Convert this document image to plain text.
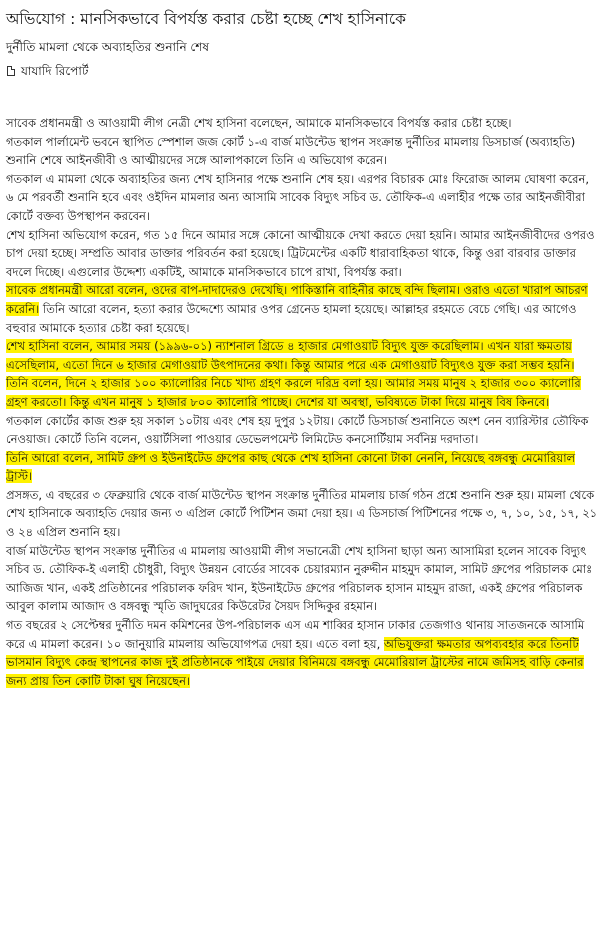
অভিযোগ : মানসিকভাবে বিপর্যস্ত করার চেষ্টা হচ্ছে শেখ হাসিনাকে
দুর্নীতি মামলা থেকে অব্যাহতির শুনানি শেষ
যাযাদি রিপোর্ট

সাবেক প্রধানমন্ত্রী ও আওয়ামী লীগ নেত্রী শেখ হাসিনা বলেছেন, আমাকে মানসিকভাবে বিপর্যস্ত করার চেষ্টা হচ্ছে।

গতকাল পার্লামেন্ট ভবনে স্থাপিত স্পেশাল জজ কোর্ট ১-এ বার্জ মাউন্টেড স্থাপন সংক্রান্ত দুর্নীতির মামলায় ডিসচার্জ (অব্যাহতি) শুনানি শেষে আইনজীবী ও আত্মীয়দের সঙ্গে আলাপকালে তিনি এ অভিযোগ করেন।

গতকাল এ মামলা থেকে অব্যাহতির জন্য শেখ হাসিনার পক্ষে শুনানি শেষ হয়। এরপর বিচারক মোঃ ফিরোজ আলম ঘোষণা করেন, ৬ মে পরবর্তী শুনানি হবে এবং ওইদিন মামলার অন্য আসামি সাবেক বিদ্যুৎ সচিব ড. তৌফিক-এ এলাহীর পক্ষে তার আইনজীবীরা কোর্টে বক্তব্য উপস্থাপন করবেন।

শেখ হাসিনা অভিযোগ করেন, গত ১৫ দিনে আমার সঙ্গে কোনো আত্মীয়কে দেখা করতে দেয়া হয়নি। আমার আইনজীবীদের ওপরও চাপ দেয়া হচ্ছে। সম্প্রতি আবার ডাক্তার পরিবর্তন করা হয়েছে। ট্রিটমেন্টের একটি ধারাবাহিকতা থাকে, কিন্তু ওরা বারবার ডাক্তার বদলে দিচ্ছে। এগুলোর উদ্দেশ্য একটিই, আমাকে মানসিকভাবে চাপে রাখা, বিপর্যস্ত করা।

সাবেক প্রধানমন্ত্রী আরো বলেন, ওদের বাপ-দাদাদেরও দেখেছি। পাকিস্তানি বাহিনীর কাছে বন্দি ছিলাম। ওরাও এতো খারাপ আচরণ করেনি। তিনি আরো বলেন, হত্যা করার উদ্দেশ্যে আমার ওপর গ্রেনেড হামলা হয়েছে। আল্লাহর রহমতে বেচে গেছি। এর আগেও বহুবার আমাকে হত্যার চেষ্টা করা হয়েছে।

শেখ হাসিনা বলেন, আমার সময় (১৯৯৬-০১) ন্যাশনাল গ্রিডে ৪ হাজার মেগাওয়াট বিদ্যুৎ যুক্ত করেছিলাম। এখন যারা ক্ষমতায় এসেছিলাম, এতো দিনে ৬ হাজার মেগাওয়াট উৎপাদনের কথা। কিন্তু আমার পরে এক মেগাওয়াট বিদ্যুৎও যুক্ত করা সম্ভব হয়নি।

তিনি বলেন, দিনে ২ হাজার ১০০ ক্যালোরির নিচে খাদ্য গ্রহণ করলে দরিদ্র বলা হয়। আমার সময় মানুষ ২ হাজার ৩০০ ক্যালোরি গ্রহণ করতো। কিন্তু এখন মানুষ ১ হাজার ৮০০ ক্যালোরি পাচ্ছে। দেশের যা অবস্থা, ভবিষ্যতে টাকা দিয়ে মানুষ বিষ কিনবে।

গতকাল কোর্টের কাজ শুরু হয় সকাল ১০টায় এবং শেষ হয় দুপুর ১২টায়। কোর্টে ডিসচার্জ শুনানিতে অংশ নেন ব্যারিস্টার তৌফিক নেওয়াজ। কোর্টে তিনি বলেন, ওয়ার্টসিলা পাওয়ার ডেভেলপমেন্ট লিমিটেড কনসোর্টিয়াম সর্বনিম্ন দরদাতা।

তিনি আরো বলেন, সামিট গ্রুপ ও ইউনাইটেড গ্রুপের কাছ থেকে শেখ হাসিনা কোনো টাকা নেননি, নিয়েছে বঙ্গবন্ধু মেমোরিয়াল ট্রাস্ট।

প্রসঙ্গত, এ বছরের ৩ ফেব্রুয়ারি থেকে বার্জ মাউন্টেড স্থাপন সংক্রান্ত দুর্নীতির মামলায় চার্জ গঠন প্রশ্নে শুনানি শুরু হয়। মামলা থেকে শেখ হাসিনাকে অব্যাহতি দেয়ার জন্য ৩ এপ্রিল কোর্টে পিটিশন জমা দেয়া হয়। এ ডিসচার্জ পিটিশনের পক্ষে ৩, ৭, ১০, ১৫, ১৭, ২১ ও ২৪ এপ্রিল শুনানি হয়।

বার্জ মাউন্টেড স্থাপন সংক্রান্ত দুর্নীতির এ মামলায় আওয়ামী লীগ সভানেত্রী শেখ হাসিনা ছাড়া অন্য আসামিরা হলেন সাবেক বিদ্যুৎ সচিব ড. তৌফিক-ই এলাহী চৌধুরী, বিদ্যুৎ উন্নয়ন বোর্ডের সাবেক চেয়ারম্যান নুরুদ্দীন মাহমুদ কামাল, সামিট গ্রুপের পরিচালক মোঃ আজিজ খান, একই প্রতিষ্ঠানের পরিচালক ফরিদ খান, ইউনাইটেড গ্রুপের পরিচালক হাসান মাহমুদ রাজা, একই গ্রুপের পরিচালক আবুল কালাম আজাদ ও বঙ্গবন্ধু স্মৃতি জাদুঘরের কিউরেটর সৈয়দ সিদ্দিকুর রহমান।

গত বছরের ২ সেপ্টেম্বর দুর্নীতি দমন কমিশনের উপ-পরিচালক এস এম শাব্বির হাসান ঢাকার তেজগাও থানায় সাতজনকে আসামি করে এ মামলা করেন। ১০ জানুয়ারি মামলায় অভিযোগপত্র দেয়া হয়। এতে বলা হয়, অভিযুক্তরা ক্ষমতার অপব্যবহার করে তিনটি ভাসমান বিদ্যুৎ কেন্দ্র স্থাপনের কাজ দুই প্রতিষ্ঠানকে পাইয়ে দেয়ার বিনিময়ে বঙ্গবন্ধু মেমোরিয়াল ট্রাস্টের নামে জমিসহ বাড়ি কেনার জন্য প্রায় তিন কোটি টাকা ঘুষ নিয়েছেন।
